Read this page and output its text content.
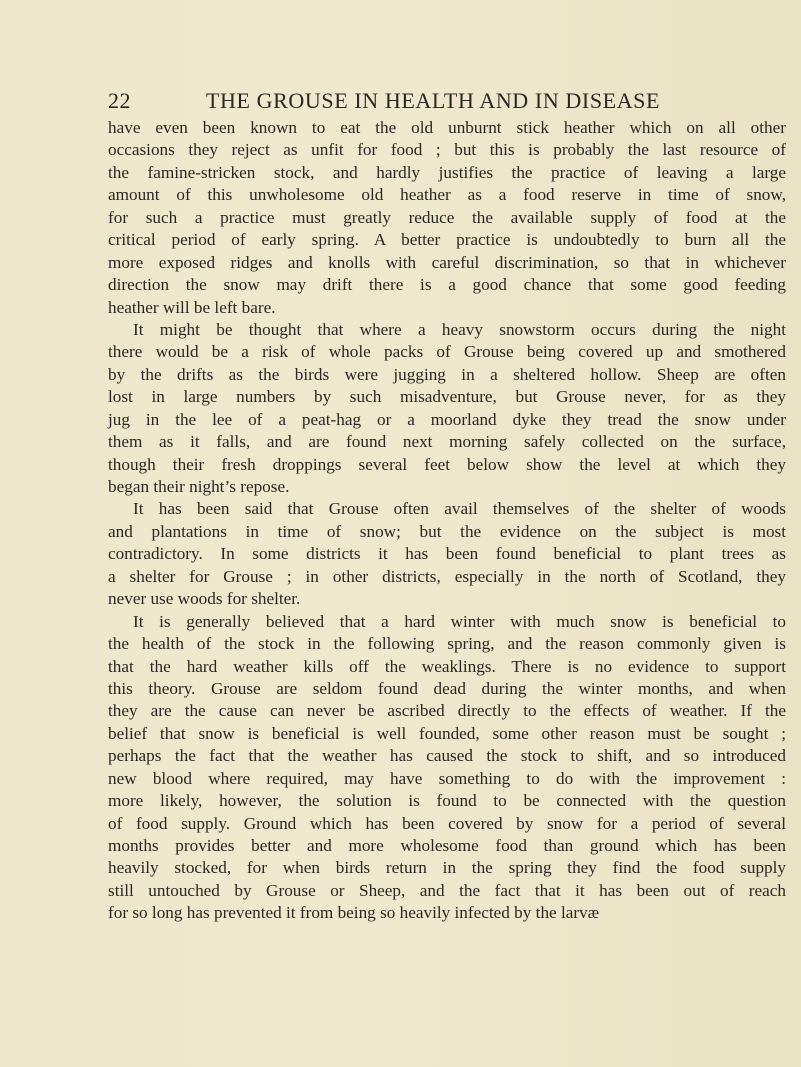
22	THE GROUSE IN HEALTH AND IN DISEASE
have even been known to eat the old unburnt stick heather which on all other
occasions they reject as unfit for food ; but this is probably the last resource of
the famine-stricken stock, and hardly justifies the practice of leaving a large
amount of this unwholesome old heather as a food reserve in time of snow,
for such a practice must greatly reduce the available supply of food at the
critical period of early spring. A better practice is undoubtedly to burn all the
more exposed ridges and knolls with careful discrimination, so that in whichever
direction the snow may drift there is a good chance that some good feeding
heather will be left bare.
It might be thought that where a heavy snowstorm occurs during the night
there would be a risk of whole packs of Grouse being covered up and smothered
by the drifts as the birds were jugging in a sheltered hollow. Sheep are often
lost in large numbers by such misadventure, but Grouse never, for as they
jug in the lee of a peat-hag or a moorland dyke they tread the snow under
them as it falls, and are found next morning safely collected on the surface,
though their fresh droppings several feet below show the level at which they
began their night’s repose.
It has been said that Grouse often avail themselves of the shelter of woods
and plantations in time of snow; but the evidence on the subject is most
contradictory. In some districts it has been found beneficial to plant trees as
a shelter for Grouse ; in other districts, especially in the north of Scotland, they
never use woods for shelter.
It is generally believed that a hard winter with much snow is beneficial to
the health of the stock in the following spring, and the reason commonly given is
that the hard weather kills off the weaklings. There is no evidence to support
this theory. Grouse are seldom found dead during the winter months, and when
they are the cause can never be ascribed directly to the effects of weather. If the
belief that snow is beneficial is well founded, some other reason must be sought ;
perhaps the fact that the weather has caused the stock to shift, and so introduced
new blood where required, may have something to do with the improvement :
more likely, however, the solution is found to be connected with the question
of food supply. Ground which has been covered by snow for a period of several
months provides better and more wholesome food than ground which has been
heavily stocked, for when birds return in the spring they find the food supply
still untouched by Grouse or Sheep, and the fact that it has been out of reach
for so long has prevented it from being so heavily infected by the larvæ
